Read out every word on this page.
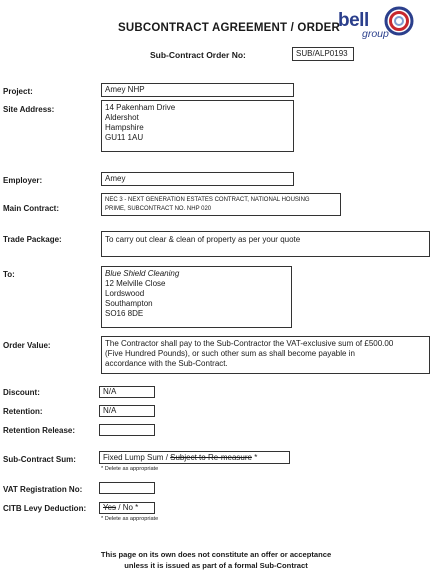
SUBCONTRACT AGREEMENT / ORDER
bell
group
Sub-Contract Order No:	SUB/ALP0193
Project:	Amey NHP
Site Address:	14 Pakenham Drive
Aldershot
Hampshire
GU11 1AU
Employer:	Amey
Main Contract:
NEC 3 - NEXT GENERATION ESTATES CONTRACT, NATIONAL HOUSING
PRIME, SUBCONTRACT NO. NHP 020
Trade Package:	To carry out clear & clean of property as per your quote
To:	Blue Shield Cleaning
12 Melville Close
Lordswood
Southampton
SO16 8DE
Order Value:	The Contractor shall pay to the Sub-Contractor the VAT-exclusive sum of £500.00
(Five Hundred Pounds), or such other sum as shall become payable in
accordance with the Sub-Contract.
Discount:	N/A
Retention:	N/A
Retention Release:
Sub-Contract Sum:	Fixed Lump Sum / Subject to Re-measure *
* Delete as appropriate
VAT Registration No:
CITB Levy Deduction:	Yes / No *
* Delete as appropriate
This page on its own does not constitute an offer or acceptance
unless it is issued as part of a formal Sub-Contract
